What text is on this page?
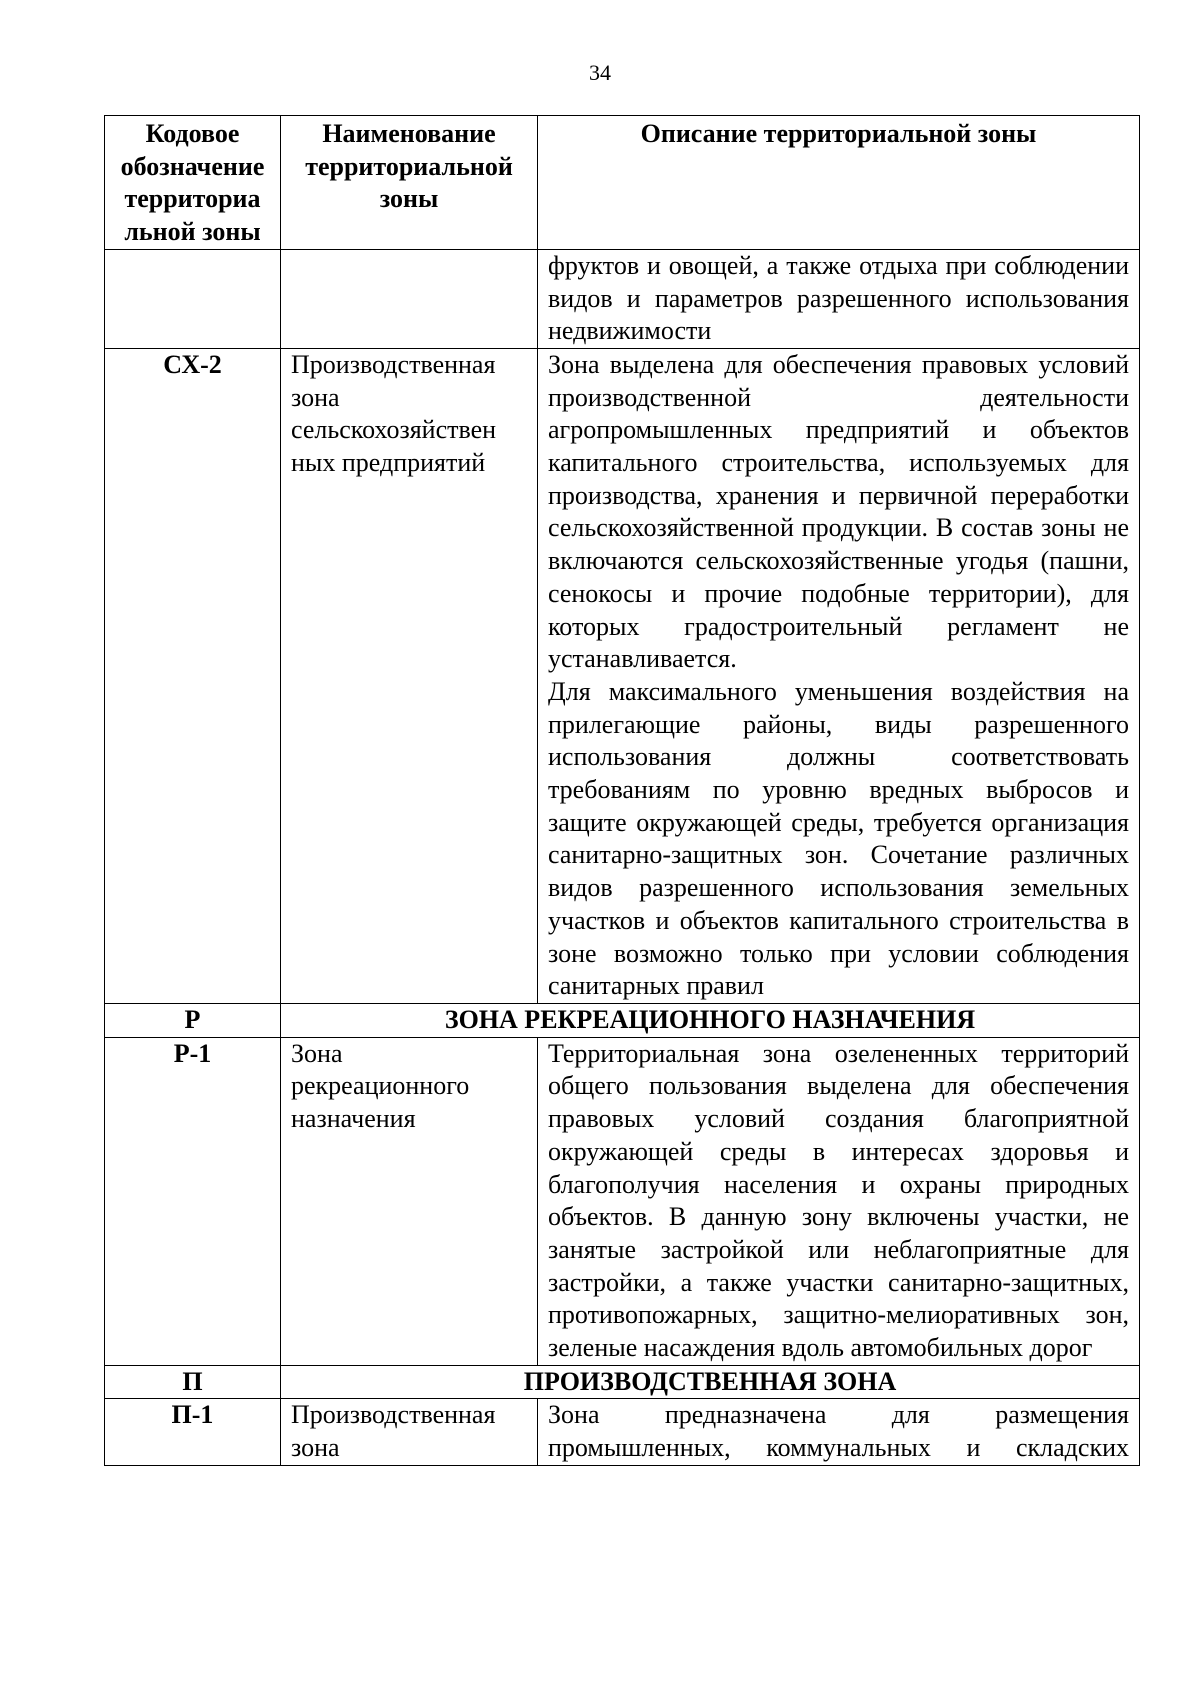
34
Кодовое обозначение территориа льной зоны	Наименование территориальной зоны	Описание территориальной зоны

		фруктов и овощей, а также отдыха при соблюдении видов и параметров разрешенного использования недвижимости

СХ-2	Производственная зона сельскохозяйствен ных предприятий	Зона выделена для обеспечения правовых условий производственной деятельности агропромышленных предприятий и объектов капитального строительства, используемых для производства, хранения и первичной переработки сельскохозяйственной продукции. В состав зоны не включаются сельскохозяйственные угодья (пашни, сенокосы и прочие подобные территории), для которых градостроительный регламент не устанавливается.

Для максимального уменьшения воздействия на прилегающие районы, виды разрешенного использования должны соответствовать требованиям по уровню вредных выбросов и защите окружающей среды, требуется организация санитарно-защитных зон. Сочетание различных видов разрешенного использования земельных участков и объектов капитального строительства в зоне возможно только при условии соблюдения санитарных правил

Р	ЗОНА РЕКРЕАЦИОННОГО НАЗНАЧЕНИЯ	
Р-1	Зона рекреационного назначения	Территориальная зона озелененных территорий общего пользования выделена для обеспечения правовых условий создания благоприятной окружающей среды в интересах здоровья и благополучия населения и охраны природных объектов. В данную зону включены участки, не занятые застройкой или неблагоприятные для застройки, а также участки санитарно-защитных, противопожарных, защитно-мелиоративных зон, зеленые насаждения вдоль автомобильных дорог

П	ПРОИЗВОДСТВЕННАЯ ЗОНА	
П-1	Производственная зона	Зона предназначена для размещения промышленных, коммунальных и складских
